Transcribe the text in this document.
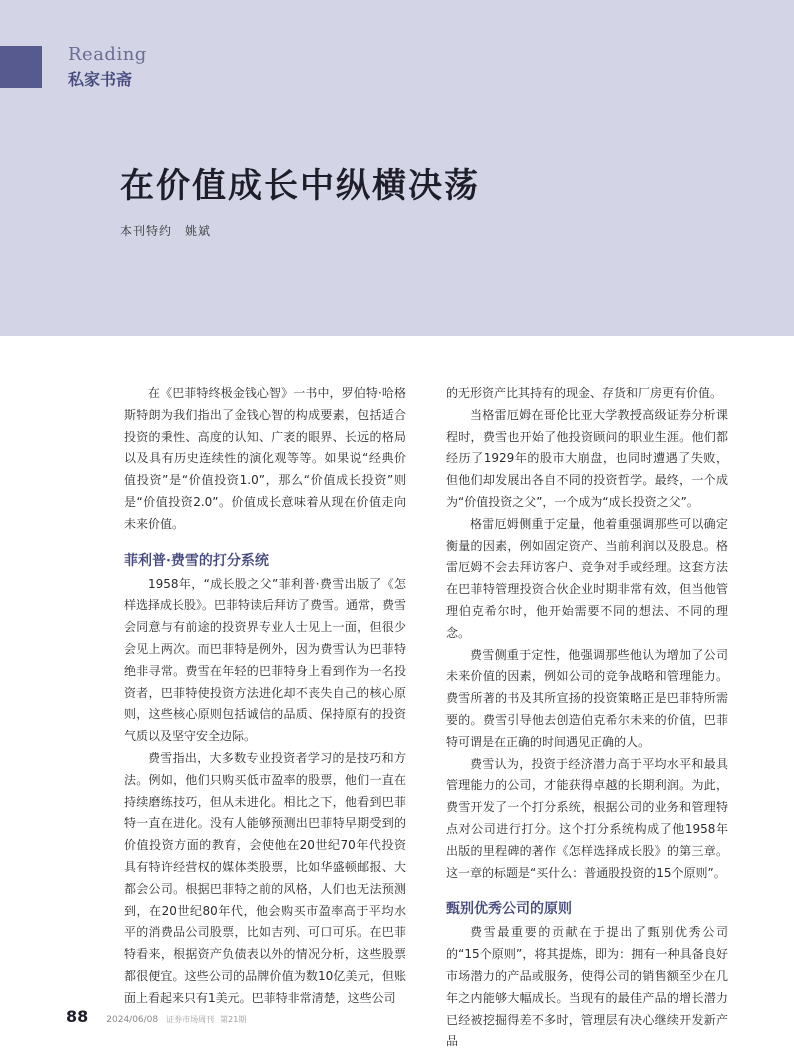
Reading
私家书斋
在价值成长中纵横决荡
本刊特约　姚斌

在《巴菲特终极金钱心智》一书中，罗伯特·哈格斯特朗为我们指出了金钱心智的构成要素，包括适合投资的秉性、高度的认知、广袤的眼界、长远的格局以及具有历史连续性的演化观等等。如果说“经典价值投资”是“价值投资1.0”，那么“价值成长投资”则是“价值投资2.0”。价值成长意味着从现在价值走向未来价值。

菲利普·费雪的打分系统

1958年，“成长股之父”菲利普·费雪出版了《怎样选择成长股》。巴菲特读后拜访了费雪。通常，费雪会同意与有前途的投资界专业人士见上一面，但很少会见上两次。而巴菲特是例外，因为费雪认为巴菲特绝非寻常。费雪在年轻的巴菲特身上看到作为一名投资者，巴菲特使投资方法进化却不丧失自己的核心原则，这些核心原则包括诚信的品质、保持原有的投资气质以及坚守安全边际。

费雪指出，大多数专业投资者学习的是技巧和方法。例如，他们只购买低市盈率的股票，他们一直在持续磨练技巧，但从未进化。相比之下，他看到巴菲特一直在进化。没有人能够预测出巴菲特早期受到的价值投资方面的教育，会使他在20世纪70年代投资具有特许经营权的媒体类股票，比如华盛顿邮报、大都会公司。根据巴菲特之前的风格，人们也无法预测到，在20世纪80年代，他会购买市盈率高于平均水平的消费品公司股票，比如吉列、可口可乐。在巴菲特看来，根据资产负债表以外的情况分析，这些股票都很便宜。这些公司的品牌价值为数10亿美元，但账面上看起来只有1美元。巴菲特非常清楚，这些公司

的无形资产比其持有的现金、存货和厂房更有价值。

当格雷厄姆在哥伦比亚大学教授高级证券分析课程时，费雪也开始了他投资顾问的职业生涯。他们都经历了1929年的股市大崩盘，也同时遭遇了失败，但他们却发展出各自不同的投资哲学。最终，一个成为“价值投资之父”，一个成为“成长投资之父”。

格雷厄姆侧重于定量，他着重强调那些可以确定衡量的因素，例如固定资产、当前利润以及股息。格雷厄姆不会去拜访客户、竞争对手或经理。这套方法在巴菲特管理投资合伙企业时期非常有效，但当他管理伯克希尔时，他开始需要不同的想法、不同的理念。

费雪侧重于定性，他强调那些他认为增加了公司未来价值的因素，例如公司的竞争战略和管理能力。费雪所著的书及其所宣扬的投资策略正是巴菲特所需要的。费雪引导他去创造伯克希尔未来的价值，巴菲特可谓是在正确的时间遇见正确的人。

费雪认为，投资于经济潜力高于平均水平和最具管理能力的公司，才能获得卓越的长期利润。为此，费雪开发了一个打分系统，根据公司的业务和管理特点对公司进行打分。这个打分系统构成了他1958年出版的里程碑的著作《怎样选择成长股》的第三章。这一章的标题是“买什么：普通股投资的15个原则”。

甄别优秀公司的原则

费雪最重要的贡献在于提出了甄别优秀公司的“15个原则”，将其提炼，即为：拥有一种具备良好市场潜力的产品或服务，使得公司的销售额至少在几年之内能够大幅成长。当现有的最佳产品的增长潜力已经被挖掘得差不多时，管理层有决心继续开发新产品

88 2024/06/08 证券市场周刊 第21期
